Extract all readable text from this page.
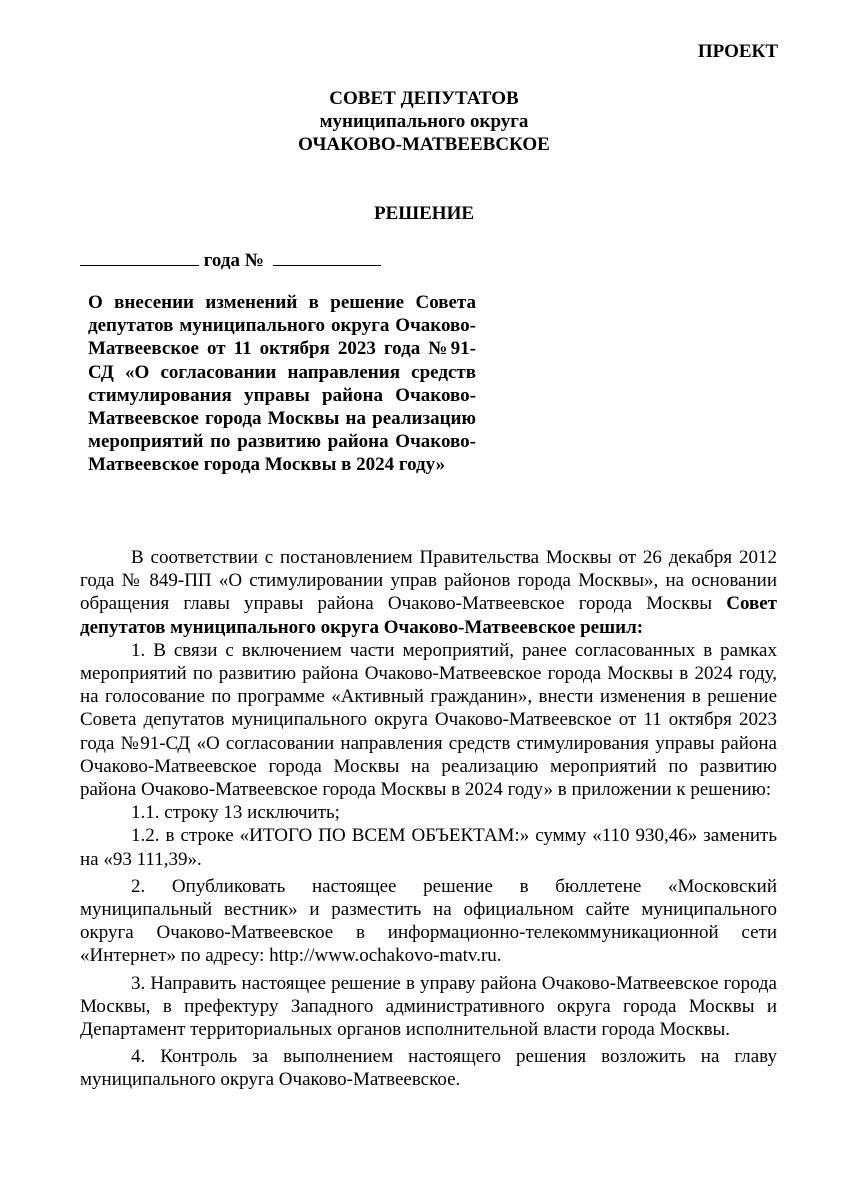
ПРОЕКТ
СОВЕТ ДЕПУТАТОВ
муниципального округа
ОЧАКОВО-МАТВЕЕВСКОЕ
РЕШЕНИЕ
года №
О внесении изменений в решение Совета депутатов муниципального округа Очаково-Матвеевское от 11 октября 2023 года №91-СД «О согласовании направления средств стимулирования управы района Очаково-Матвеевское города Москвы на реализацию мероприятий по развитию района Очаково-Матвеевское города Москвы в 2024 году»

В соответствии с постановлением Правительства Москвы от 26 декабря 2012 года № 849-ПП «О стимулировании управ районов города Москвы», на основании обращения главы управы района Очаково-Матвеевское города Москвы Совет депутатов муниципального округа Очаково-Матвеевское решил:

1. В связи с включением части мероприятий, ранее согласованных в рамках мероприятий по развитию района Очаково-Матвеевское города Москвы в 2024 году, на голосование по программе «Активный гражданин», внести изменения в решение Совета депутатов муниципального округа Очаково-Матвеевское от 11 октября 2023 года №91-СД «О согласовании направления средств стимулирования управы района Очаково-Матвеевское города Москвы на реализацию мероприятий по развитию района Очаково-Матвеевское города Москвы в 2024 году» в приложении к решению:

1.1. строку 13 исключить;

1.2. в строке «ИТОГО ПО ВСЕМ ОБЪЕКТАМ:» сумму «110 930,46» заменить на «93 111,39».

2. Опубликовать настоящее решение в бюллетене «Московский муниципальный вестник» и разместить на официальном сайте муниципального округа Очаково-Матвеевское в информационно-телекоммуникационной сети «Интернет» по адресу: http://www.ochakovo-matv.ru.

3. Направить настоящее решение в управу района Очаково-Матвеевское города Москвы, в префектуру Западного административного округа города Москвы и Департамент территориальных органов исполнительной власти города Москвы.

4. Контроль за выполнением настоящего решения возложить на главу муниципального округа Очаково-Матвеевское.
